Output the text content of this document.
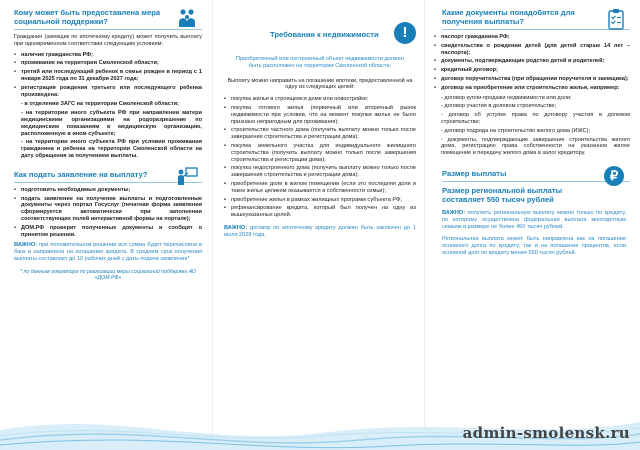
Кому может быть предоставлена мера социальной поддержки?
Гражданин (заемщик по ипотечному кредиту) может получить выплату при одновременном соответствии следующим условиям:
• наличие гражданства РФ;
• проживание на территории Смоленской области;
• третий или последующий ребенок в семье рожден в период с 1 января 2025 года по 31 декабря 2027 года;
• регистрация рождения третьего или последующего ребенка произведена:
- в отделении ЗАГС на территории Смоленской области;
- на территории иного субъекта РФ при направлении матери медицинскими организациями на родоразрешение по медицинским показаниям в медицинскую организацию, расположенную в ином субъекте;
- на территории иного субъекта РФ при условии проживания гражданина и ребенка на территории Смоленской области на дату обращения за получением выплаты.
Как подать заявление на выплату?
• подготовить необходимые документы;
• подать заявление на получение выплаты и подготовленные документы через портал Госуслуг (печатная форма заявления сформируется автоматически при заполнении соответствующих полей интерактивной формы на портале);
• ДОМ.РФ проверит полученные документы и сообщит о принятом решении.
ВАЖНО: при положительном решении вся сумма будет перечислена в банк и направлена на погашение кредита. В среднем срок получения выплаты составляет до 10 рабочих дней с даты подачи заявления*
* по данным оператора по реализации меры социальной поддержки АО «ДОМ.РФ»
Требования к недвижимости	!
Приобретенный или построенный объект недвижимости должен быть расположен на территории Смоленской области.
Выплату можно направить на погашение ипотеки, предоставленной на одну из следующих целей:
• покупка жилья в строящемся доме или новостройке;
• покупка готового жилья (первичный или вторичный рынок недвижимости при условии, что на момент покупки жилье не было признано непригодным для проживания);
• строительство частного дома (получить выплату можно только после завершения строительства и регистрации дома);
• покупка земельного участка для индивидуального жилищного строительства (получить выплату можно только после завершения строительства и регистрации дома);
• покупка недостроенного дома (получить выплату можно только после завершения строительства и регистрации дома);
• приобретение доли в жилом помещении (если это последняя доля и такое жилье целиком оказывается в собственности семьи);
• приобретение жилья в рамках жилищных программ субъекта РФ;
• рефинансирование кредита, который был получен на одну из вышеуказанных целей.
ВАЖНО: договор по ипотечному кредиту должен быть заключен до 1 июля 2028 года.
Какие документы понадобятся для получения выплаты?
• паспорт гражданина РФ;
• свидетельства о рождении детей (для детей старше 14 лет – паспорта);
• документы, подтверждающие родство детей и родителей;
• кредитный договор;
• договор поручительства (при обращении поручителя и заемщика);
• договор на приобретение или строительство жилья, например:
- договор купли-продажи недвижимости или доли;
- договор участия в долевом строительстве;
- договор об уступке права по договору участия в долевом строительстве;
- договор подряда на строительство жилого дома (ИЖС);
- документы, подтверждающие завершение строительства жилого дома, регистрацию права собственности на указанное жилое помещение и передачу жилого дома в залог кредитору.
Размер выплаты	₽
Размер региональной выплаты составляет 550 тысяч рублей
ВАЖНО: получить региональную выплату можно только по кредиту, по которому осуществлена федеральная выплата многодетным семьям в размере не более 450 тысяч рублей.
Региональная выплата может быть направлена как на погашение основного долга по кредиту, так и на погашение процентов, если основной долг по кредиту менее 550 тысяч рублей.
admin-smolensk.ru
